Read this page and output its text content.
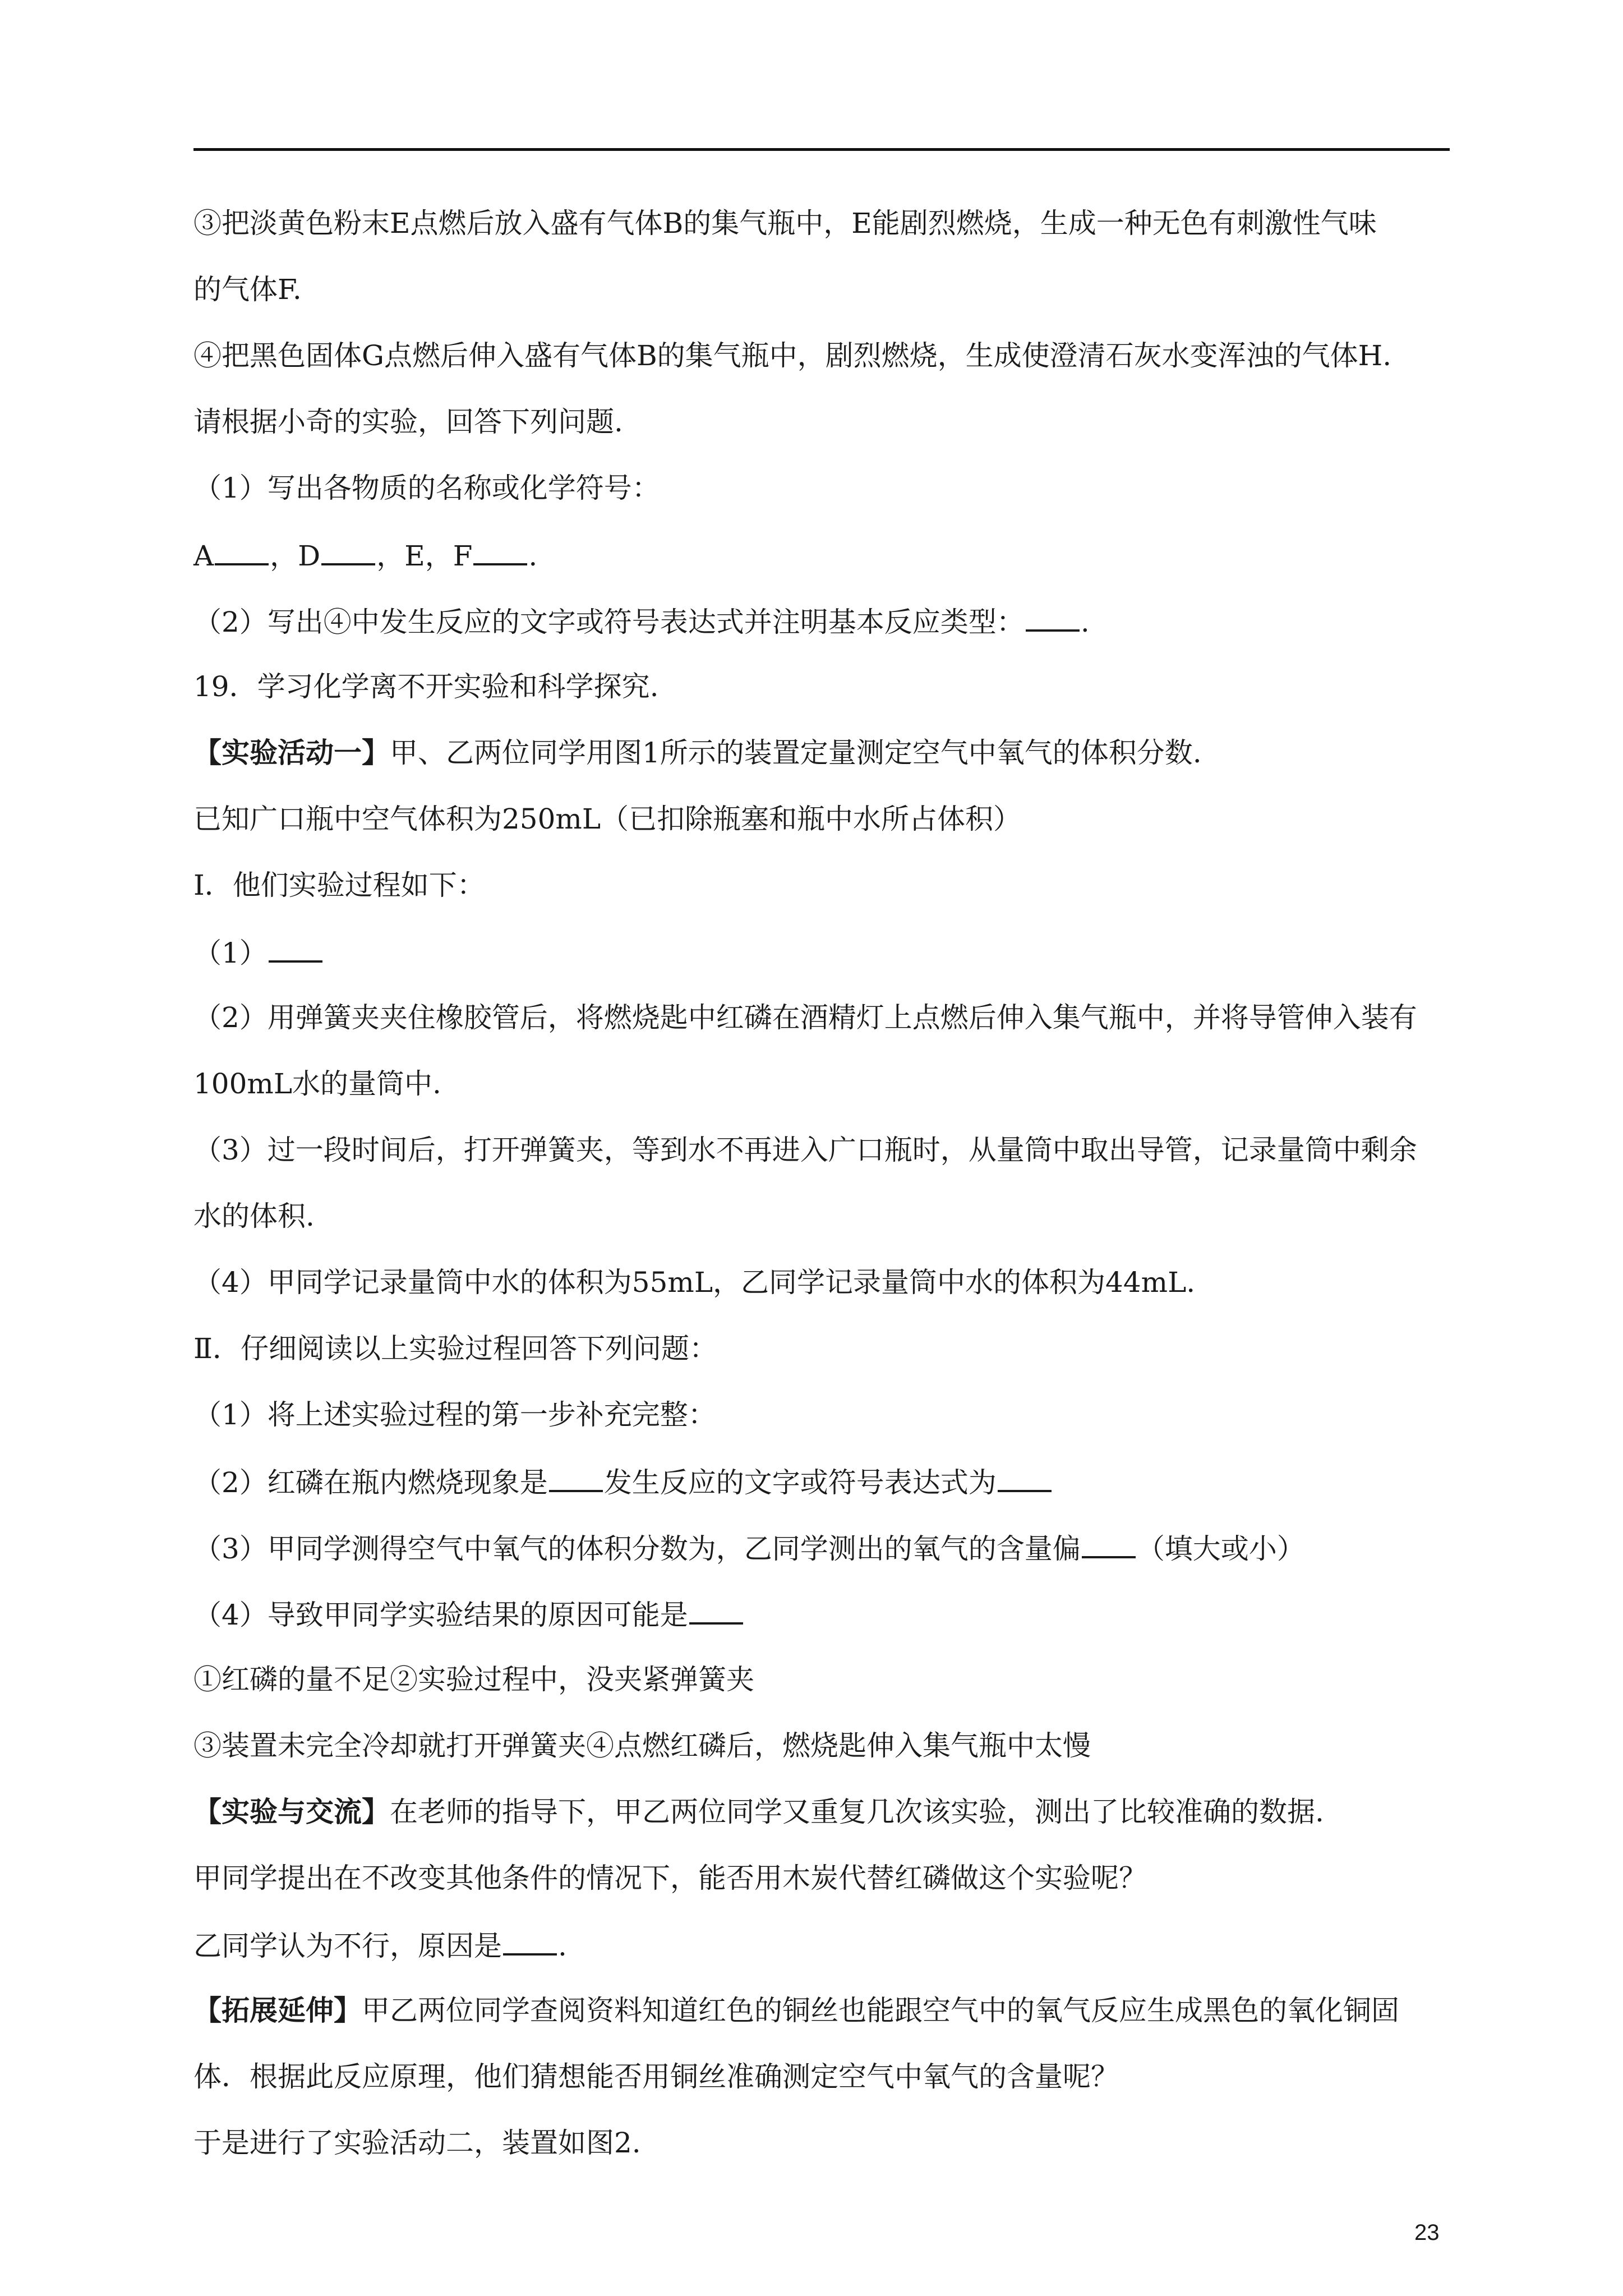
③把淡黄色粉末E点燃后放入盛有气体B的集气瓶中，E能剧烈燃烧，生成一种无色有刺激性气味
的气体F.
④把黑色固体G点燃后伸入盛有气体B的集气瓶中，剧烈燃烧，生成使澄清石灰水变浑浊的气体H.
请根据小奇的实验，回答下列问题.
（1）写出各物质的名称或化学符号：
A ，D ，E，F .
（2）写出④中发生反应的文字或符号表达式并注明基本反应类型： .
19．学习化学离不开实验和科学探究.
【实验活动一】甲、乙两位同学用图1所示的装置定量测定空气中氧气的体积分数.
已知广口瓶中空气体积为250mL（已扣除瓶塞和瓶中水所占体积）
I．他们实验过程如下：
（1）
（2）用弹簧夹夹住橡胶管后，将燃烧匙中红磷在酒精灯上点燃后伸入集气瓶中，并将导管伸入装有
100mL水的量筒中.
（3）过一段时间后，打开弹簧夹，等到水不再进入广口瓶时，从量筒中取出导管，记录量筒中剩余
水的体积.
（4）甲同学记录量筒中水的体积为55mL，乙同学记录量筒中水的体积为44mL.
Ⅱ．仔细阅读以上实验过程回答下列问题：
（1）将上述实验过程的第一步补充完整：
（2）红磷在瓶内燃烧现象是 发生反应的文字或符号表达式为
（3）甲同学测得空气中氧气的体积分数为，乙同学测出的氧气的含量偏 （填大或小）
（4）导致甲同学实验结果的原因可能是
①红磷的量不足②实验过程中，没夹紧弹簧夹
③装置未完全冷却就打开弹簧夹④点燃红磷后，燃烧匙伸入集气瓶中太慢
【实验与交流】在老师的指导下，甲乙两位同学又重复几次该实验，测出了比较准确的数据.
甲同学提出在不改变其他条件的情况下，能否用木炭代替红磷做这个实验呢？
乙同学认为不行，原因是 .
【拓展延伸】甲乙两位同学查阅资料知道红色的铜丝也能跟空气中的氧气反应生成黑色的氧化铜固
体．根据此反应原理，他们猜想能否用铜丝准确测定空气中氧气的含量呢？
于是进行了实验活动二，装置如图2.
23
